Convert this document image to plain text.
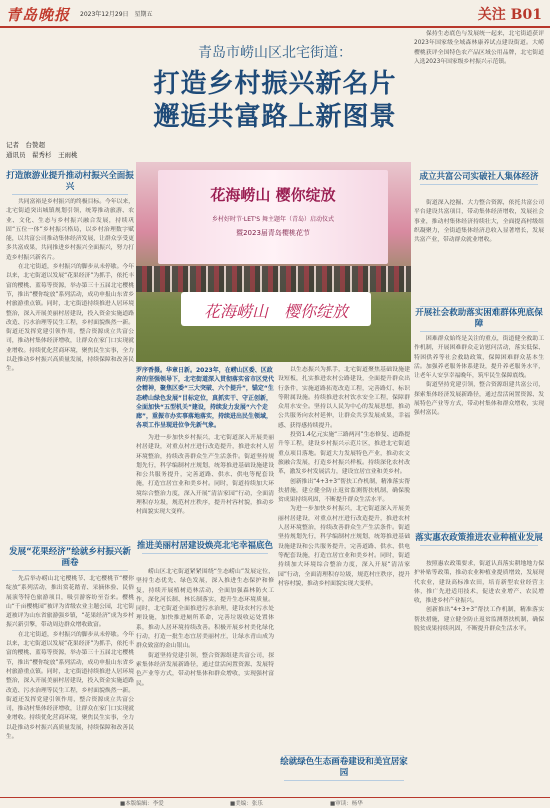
青岛晚报 2023年12月29日　星期五	关注 B01
青岛市崂山区北宅街道：
打造乡村振兴新名片
邂逅共富路上新图景
记者　台赞超
通讯员　翟秀杉　王雨桃
打造旅游业提升推动村振兴全面振兴

共同富裕是乡村振兴的终极目标。今年以来，北宅街道突出城镇规划引领，统筹推动旅游、农业、文化、生态与乡村振兴融合发展，持续巩固“五位一体”乡村振兴格局，以乡村治理数字赋能，以共富公司推动集体经济发展，让群众享受更多共富成果，共同推进乡村振兴全面振兴，努力打造乡村振兴新名片。

在北宅街道，乡村振兴的脚步从未停歇。今年以来，北宅街道以发展“花果经济”为抓手，依托丰富的樱桃、蓝莓等资源，举办第三十五届北宅樱桃节，推出“樱你绽放”系列活动，成功申报山东省乡村旅游重点镇。同时，北宅街道持续推进人居环境整治，深入开展美丽村居建设，投入资金实施道路改造、污水治理等民生工程，乡村面貌焕然一新。街道还发挥党建引领作用，整合资源成立共富公司，推动村集体经济增收，让群众在家门口实现就业增收。持续优化营商环境，聚焦民生实事，全力以赴推动乡村振兴高质量发展，持续保障和改善民生。

发展“花果经济”绘就乡村振兴新画卷

先后举办崂山北宅樱桃节、北宅樱桃节“樱你绽放”系列活动，推出赏花踏青、采摘体验、民俗展演等特色旅游项目，吸引游客纷至沓来。樱桃山“千亩樱桃园”被评为省级农业主题公园，北宅街道被评为山东省旅游强乡镇，“花果经济”成为乡村振兴新引擎，带动周边群众增收致富。

在北宅街道，乡村振兴的脚步从未停歇。今年以来，北宅街道以发展“花果经济”为抓手，依托丰富的樱桃、蓝莓等资源，举办第三十五届北宅樱桃节，推出“樱你绽放”系列活动，成功申报山东省乡村旅游重点镇。同时，北宅街道持续推进人居环境整治，深入开展美丽村居建设，投入资金实施道路改造、污水治理等民生工程，乡村面貌焕然一新。街道还发挥党建引领作用，整合资源成立共富公司，推动村集体经济增收，让群众在家门口实现就业增收。持续优化营商环境，聚焦民生实事，全力以赴推动乡村振兴高质量发展，持续保障和改善民生。

花海崂山 樱你绽放
乡村好时节·LET'S 舞主题年（青岛）启动仪式
暨2023届青岛樱桃花节
花海崂山　樱你绽放
罗序香摄。华章日新。2023年，在崂山区委、区政府的坚强领导下，北宅街道深入贯彻落实省市区党代会精神，聚焦区委“三大突破、六个提升”，锚定“生态崂山绿色发展”目标定位，真抓实干、守正创新，全面加快“五型机关”建设，持续发力发展“六个走廊”，重振市办实事落地落实，持续进出民生领域，各项工作呈现进位争先新气象。

为进一步加快乡村振兴，北宅街道深入开展美丽村居建设，对重点村庄进行改造提升，推进农村人居环境整治，持续改善群众生产生活条件。街道坚持规划先行，科学编制村庄规划，统筹推进基础设施建设和公共服务提升，完善道路、供水、供电等配套设施，打造宜居宜业和美乡村。同时，街道持续加大环境综合整治力度，深入开展“清洁家园”行动，全面清理积存垃圾，规范村庄秩序，提升村容村貌，推动乡村面貌实现大变样。

推进美丽村居建设焕亮北宅幸福底色

崂山区北宅街道紧紧围绕“生态崂山”发展定位，坚持生态优先、绿色发展，深入推进生态保护和修复，持续开展植树造林活动，全面加强森林防火工作，深化河长制、林长制落实，提升生态环境质量。同时，北宅街道全面推进污水治理，建设农村污水处理设施，加快推进厕所革命，完善垃圾收运处置体系，推动人居环境持续改善。积极开展乡村美化绿化行动，打造一批生态宜居美丽村庄，让绿水青山成为群众致富的金山银山。

街道坚持党建引领，整合资源组建共富公司，探索集体经济发展新路径，通过盘活闲置资源、发展特色产业等方式，带动村集体和群众增收，实现强村富民。

以生态振兴为抓手，北宅街道聚焦基础设施建设短板，扎实推进农村公路建设，全面提升群众出行条件，实施道路拓宽改造工程，完善路灯、标识等附属设施。持续推进农村饮水安全工程，保障群众用水安全。坚持以人民为中心的发展思想，推动公共服务向农村延伸，让群众共享发展成果，幸福感、获得感持续提升。

投资1.4亿元实施“三路两河”生态修复、道路提升等工程，建设乡村振兴示范片区，推进北宅街道重点项目落地。街道大力发展特色产业，推动农文旅融合发展，打造乡村振兴样板。持续深化农村改革，激发乡村发展活力，建设宜居宜业和美乡村。

创新推出“4+3+3”帮扶工作机制，精准落实帮扶措施，建立健全防止返贫监测帮扶机制，确保脱贫成果持续巩固，不断提升群众生活水平。

为进一步加快乡村振兴，北宅街道深入开展美丽村居建设，对重点村庄进行改造提升，推进农村人居环境整治，持续改善群众生产生活条件。街道坚持规划先行，科学编制村庄规划，统筹推进基础设施建设和公共服务提升，完善道路、供水、供电等配套设施，打造宜居宜业和美乡村。同时，街道持续加大环境综合整治力度，深入开展“清洁家园”行动，全面清理积存垃圾，规范村庄秩序，提升村容村貌，推动乡村面貌实现大变样。

绘就绿色生态画卷建设和美宜居家园

保持生态底色与发展统一起来，北宅街道获评2023年国家级全域森林康养试点建设街道。大崂樱桃获评全国特色农产品区域公用品牌，北宅街道入选2023年国家级乡村振兴示范镇。

成立共富公司实破社人集体经济

街道深入挖掘、大力整合资源，依托共富公司平台建设共富项目，带动集体经济增收，发展社会事业，推动村集体经济持续壮大，全面提高村级组织凝聚力，全街道集体经济总收入显著增长，发展共富产业，带动群众就业增收。

开展社会救助落实困难群体兜底保障

困难群众始终是关注的重点，街道健全救助工作机制，开展困难群众走访慰问活动，落实低保、特困供养等社会救助政策，保障困难群众基本生活。加强养老服务体系建设，提升养老服务水平，让老年人安享幸福晚年，筑牢民生保障底线。

街道坚持党建引领，整合资源组建共富公司，探索集体经济发展新路径，通过盘活闲置资源、发展特色产业等方式，带动村集体和群众增收，实现强村富民。

落实惠农政策推进农业种植业发展

按照惠农政策要求，街道认真落实耕地地力保护补贴等政策，推动农业种植业提质增效，发展现代农业，建设高标准农田，培育新型农业经营主体，推广先进适用技术，促进农业增产、农民增收，推进乡村产业振兴。

创新推出“4+3+3”帮扶工作机制，精准落实帮扶措施，建立健全防止返贫监测帮扶机制，确保脱贫成果持续巩固，不断提升群众生活水平。

■本版编辑：李爱	■美编：张乐	■审读：杨华
